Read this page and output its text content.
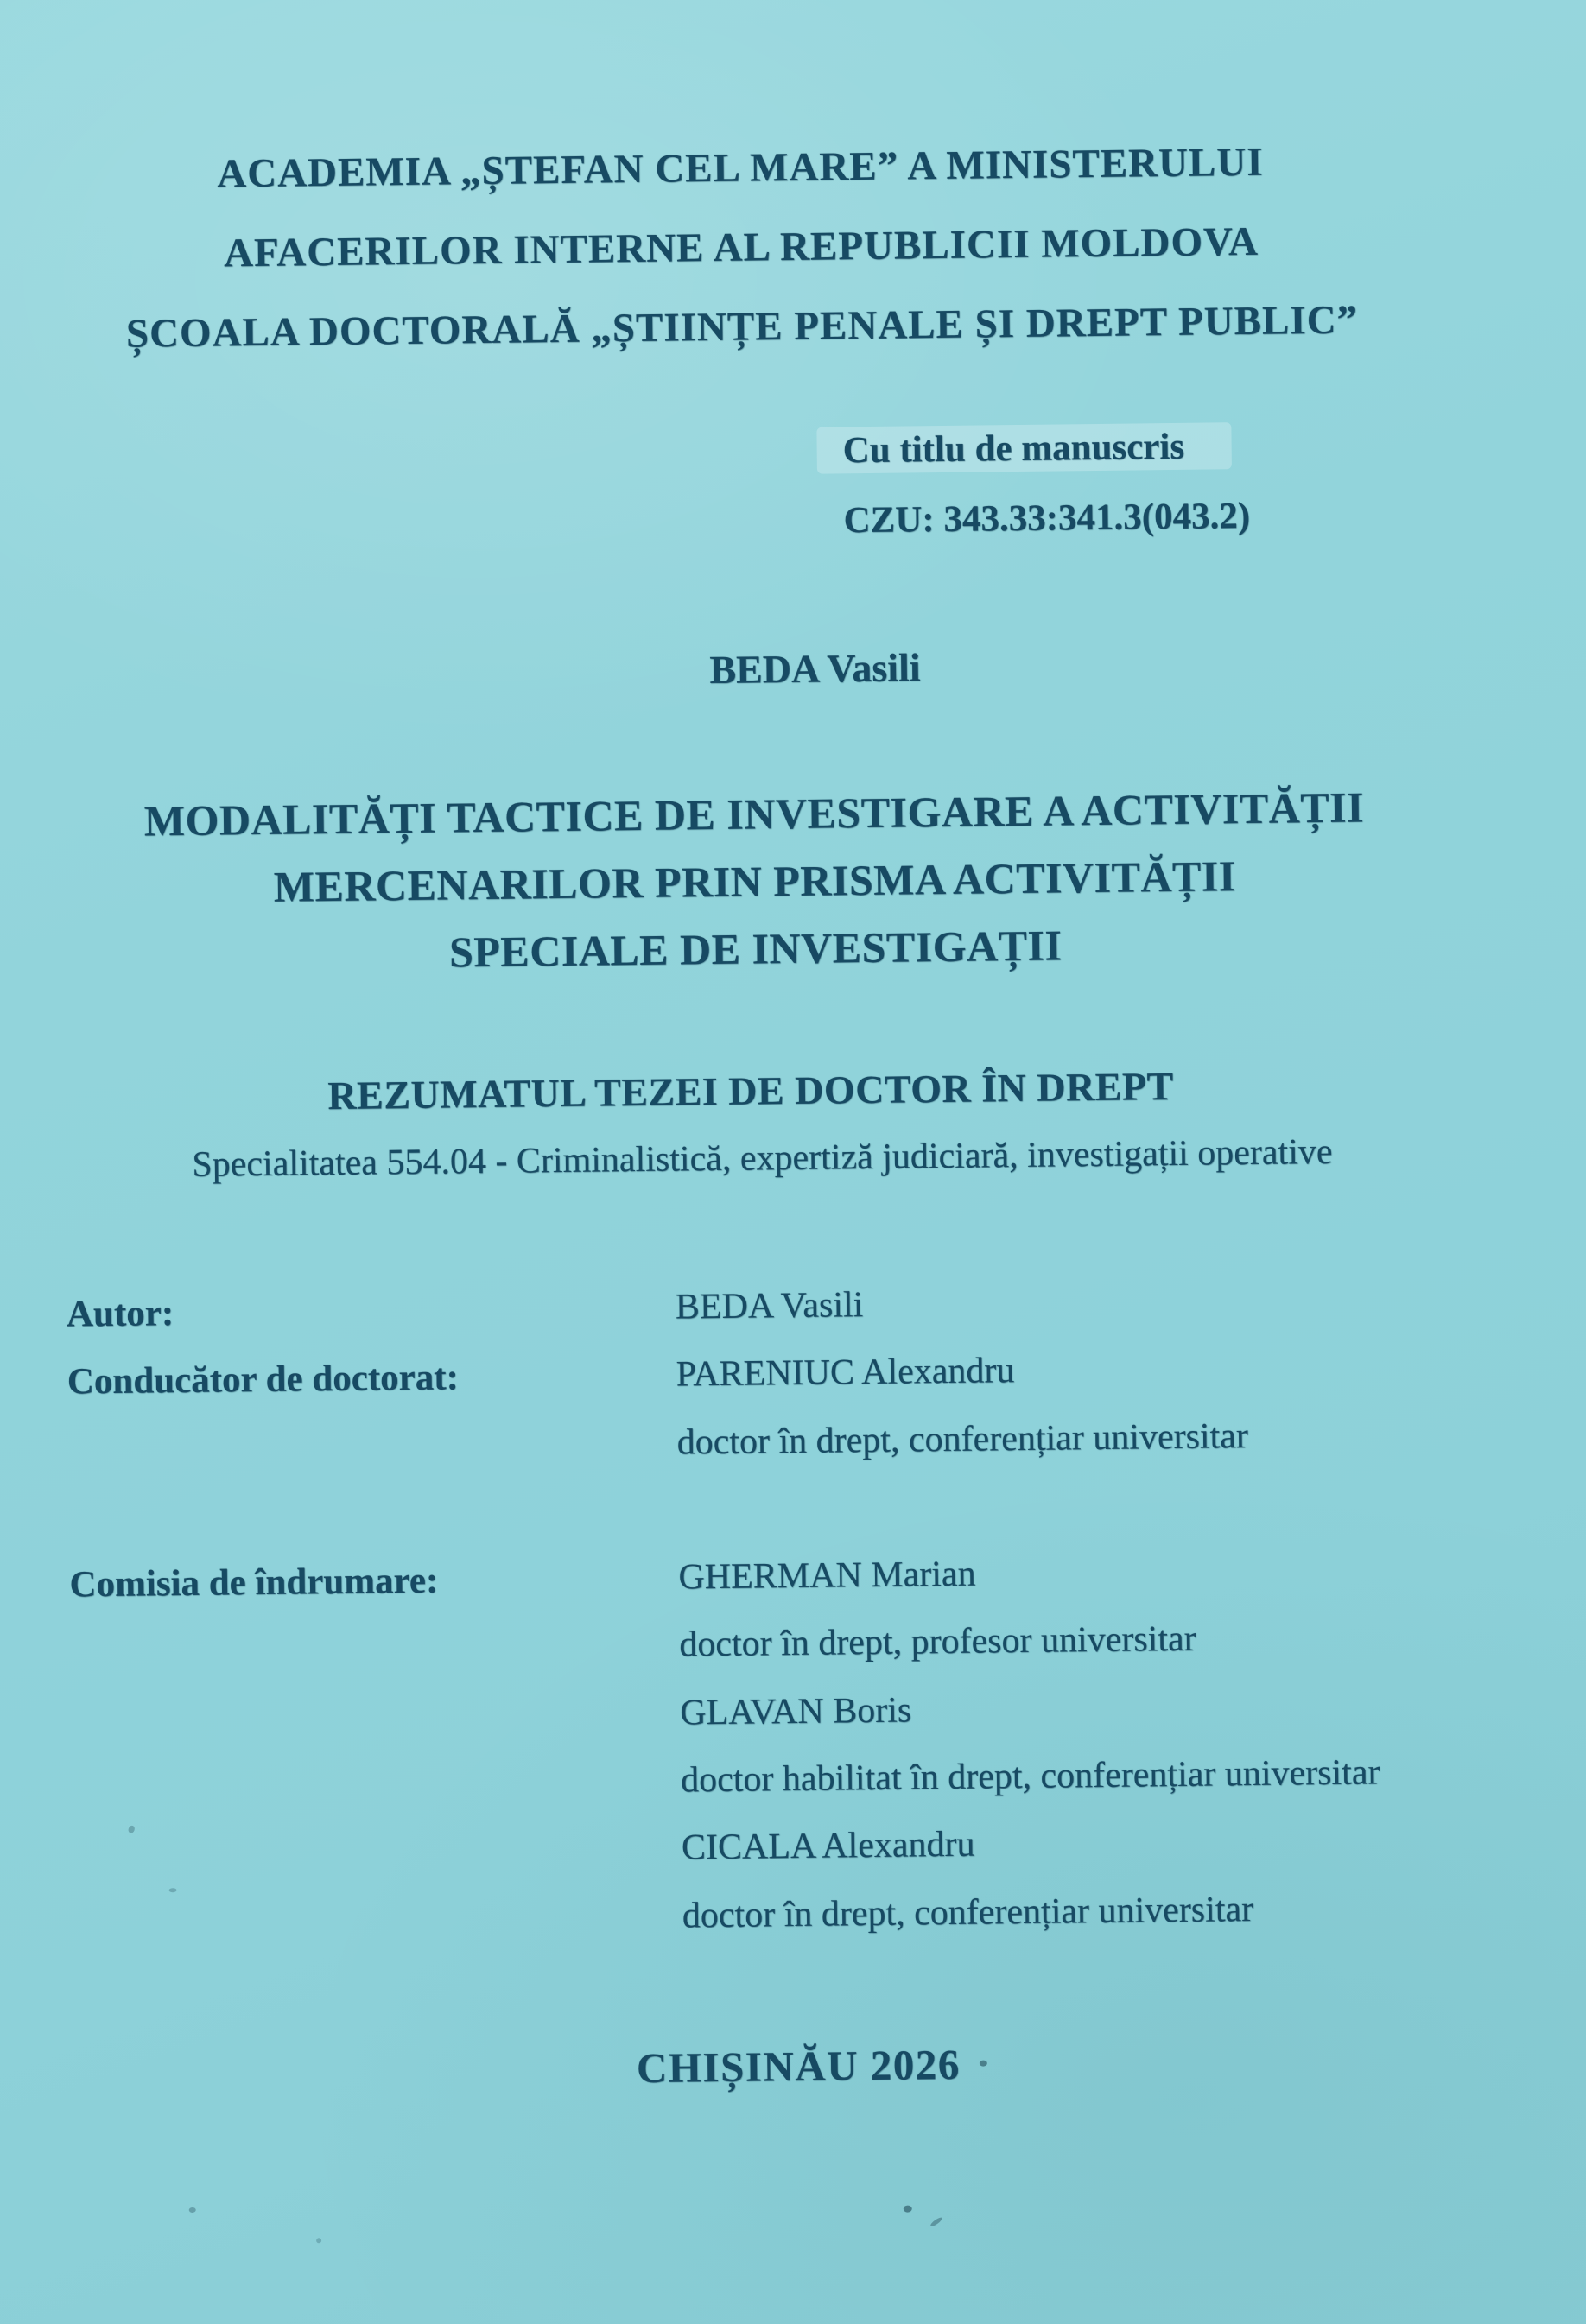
ACADEMIA „ȘTEFAN CEL MARE” A MINISTERULUI
AFACERILOR INTERNE AL REPUBLICII MOLDOVA
ȘCOALA DOCTORALĂ „ȘTIINȚE PENALE ȘI DREPT PUBLIC”
Cu titlu de manuscris
CZU: 343.33:341.3(043.2)
BEDA Vasili
MODALITĂȚI TACTICE DE INVESTIGARE A ACTIVITĂȚII
MERCENARILOR PRIN PRISMA ACTIVITĂȚII
SPECIALE DE INVESTIGAȚII
REZUMATUL TEZEI DE DOCTOR ÎN DREPT
Specialitatea 554.04 - Criminalistică, expertiză judiciară, investigații operative
Autor:	BEDA Vasili
Conducător de doctorat:	PARENIUC Alexandru
doctor în drept, conferențiar universitar
Comisia de îndrumare:	GHERMAN Marian
doctor în drept, profesor universitar
GLAVAN Boris
doctor habilitat în drept, conferențiar universitar
CICALA Alexandru
doctor în drept, conferențiar universitar
CHIȘINĂU 2026
